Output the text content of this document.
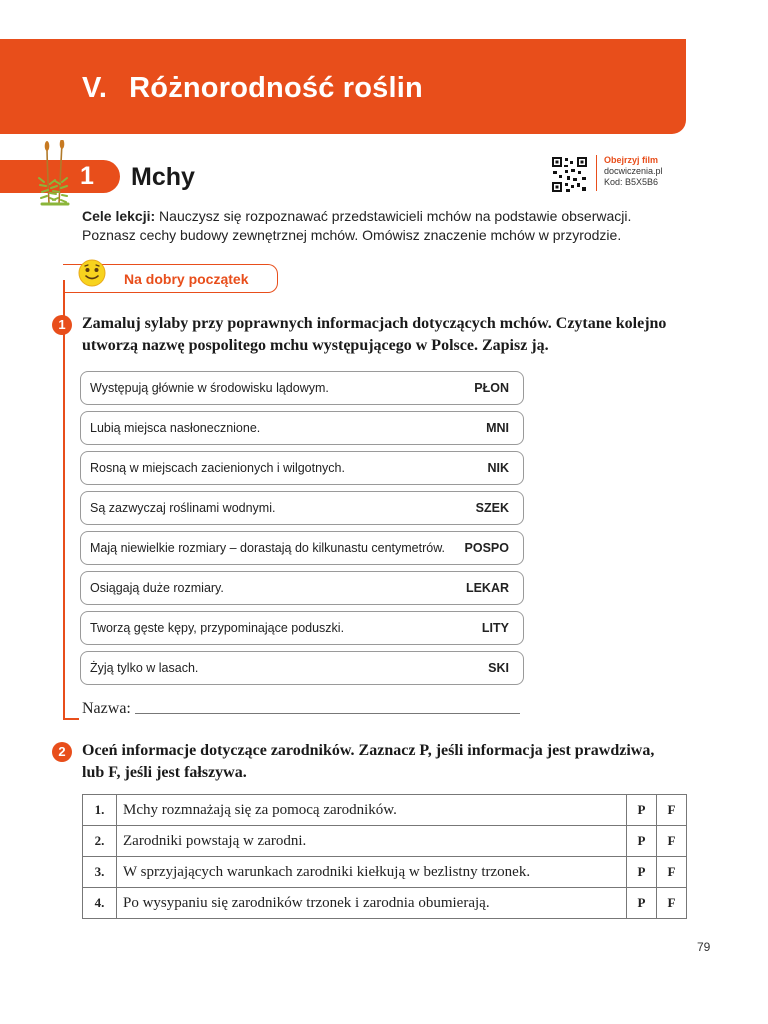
V. Różnorodność roślin
1 Mchy
Obejrzyj film
docwiczenia.pl
Kod: B5X5B6
Cele lekcji: Nauczysz się rozpoznawać przedstawicieli mchów na podstawie obserwacji.
Poznasz cechy budowy zewnętrznej mchów. Omówisz znaczenie mchów w przyrodzie.
Na dobry początek
1	Zamaluj sylaby przy poprawnych informacjach dotyczących mchów. Czytane kolejno
utworzą nazwę pospolitego mchu występującego w Polsce. Zapisz ją.
Występują głównie w środowisku lądowym.	PŁON
Lubią miejsca nasłonecznione.	MNI
Rosną w miejscach zacienionych i wilgotnych.	NIK
Są zazwyczaj roślinami wodnymi.	SZEK
Mają niewielkie rozmiary – dorastają do kilkunastu centymetrów. POSPO
Osiągają duże rozmiary.	LEKAR
Tworzą gęste kępy, przypominające poduszki.	LITY
Żyją tylko w lasach.	SKI
Nazwa:
2	Oceń informacje dotyczące zarodników. Zaznacz P, jeśli informacja jest prawdziwa,
lub F, jeśli jest fałszywa.
1.	Mchy rozmnażają się za pomocą zarodników.	P	F
2.	Zarodniki powstają w zarodni.	P	F
3.	W sprzyjających warunkach zarodniki kiełkują w bezlistny trzonek.	P	F
4.	Po wysypaniu się zarodników trzonek i zarodnia obumierają.	P	F
79
